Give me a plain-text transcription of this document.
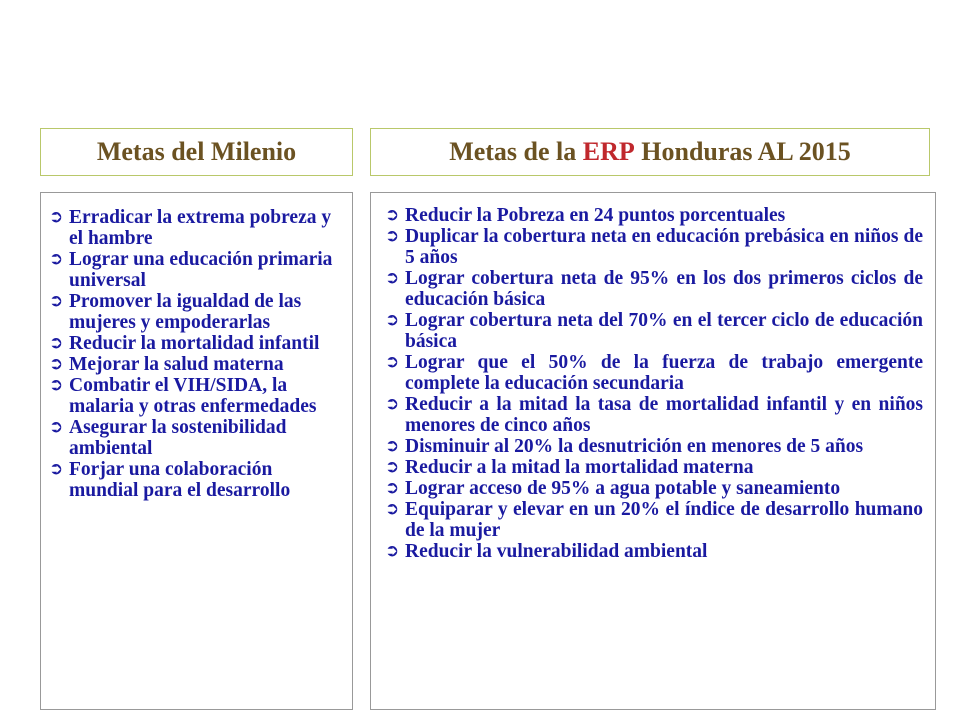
Metas del Milenio	Metas de la ERP Honduras AL 2015
➲ Erradicar la extrema pobreza y el hambre
➲ Lograr una educación primaria universal
➲ Promover la igualdad de las mujeres y empoderarlas
➲ Reducir la mortalidad infantil
➲ Mejorar la salud materna
➲ Combatir el VIH/SIDA, la malaria y otras enfermedades
➲ Asegurar la sostenibilidad ambiental
➲ Forjar una colaboración mundial para el desarrollo
➲ Reducir la Pobreza en 24 puntos porcentuales
➲ Duplicar la cobertura neta en educación prebásica en niños de 5 años
➲ Lograr cobertura neta de 95% en los dos primeros ciclos de educación básica
➲ Lograr cobertura neta del 70% en el tercer ciclo de educación básica
➲ Lograr que el 50% de la fuerza de trabajo emergente complete la educación secundaria
➲ Reducir a la mitad la tasa de mortalidad infantil y en niños menores de cinco años
➲ Disminuir al 20% la desnutrición en menores de 5 años
➲ Reducir a la mitad la mortalidad materna
➲ Lograr acceso de 95% a agua potable y saneamiento
➲ Equiparar y elevar en un 20% el índice de desarrollo humano de la mujer
➲ Reducir la vulnerabilidad ambiental
